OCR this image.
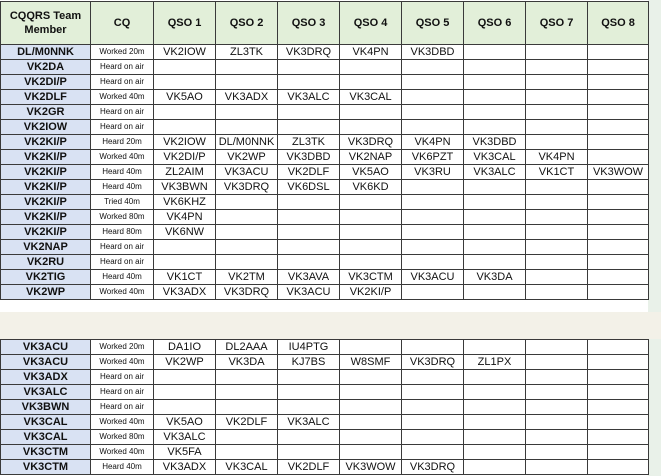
CQQRS Team Member	CQ	QSO 1	QSO 2	QSO 3	QSO 4	QSO 5	QSO 6	QSO 7	QSO 8
DL/M0NNK	Worked 20m	VK2IOW	ZL3TK	VK3DRQ	VK4PN	VK3DBD			
VK2DA	Heard on air								
VK2DI/P	Heard on air								
VK2DLF	Worked 40m	VK5AO	VK3ADX	VK3ALC	VK3CAL				
VK2GR	Heard on air								
VK2IOW	Heard on air								
VK2KI/P	Heard 20m	VK2IOW	DL/M0NNK	ZL3TK	VK3DRQ	VK4PN	VK3DBD		
VK2KI/P	Worked 40m	VK2DI/P	VK2WP	VK3DBD	VK2NAP	VK6PZT	VK3CAL	VK4PN	
VK2KI/P	Heard 40m	ZL2AIM	VK3ACU	VK2DLF	VK5AO	VK3RU	VK3ALC	VK1CT	VK3WOW
VK2KI/P	Heard 40m	VK3BWN	VK3DRQ	VK6DSL	VK6KD				
VK2KI/P	Tried 40m	VK6KHZ							
VK2KI/P	Worked 80m	VK4PN							
VK2KI/P	Heard 80m	VK6NW							
VK2NAP	Heard on air								
VK2RU	Heard on air								
VK2TIG	Heard 40m	VK1CT	VK2TM	VK3AVA	VK3CTM	VK3ACU	VK3DA		
VK2WP	Worked 40m	VK3ADX	VK3DRQ	VK3ACU	VK2KI/P				
VK3ACU	Worked 20m	DA1IO	DL2AAA	IU4PTG					
VK3ACU	Worked 40m	VK2WP	VK3DA	KJ7BS	W8SMF	VK3DRQ	ZL1PX		
VK3ADX	Heard on air								
VK3ALC	Heard on air								
VK3BWN	Heard on air								
VK3CAL	Worked 40m	VK5AO	VK2DLF	VK3ALC					
VK3CAL	Worked 80m	VK3ALC							
VK3CTM	Worked 40m	VK5FA							
VK3CTM	Heard 40m	VK3ADX	VK3CAL	VK2DLF	VK3WOW	VK3DRQ			
